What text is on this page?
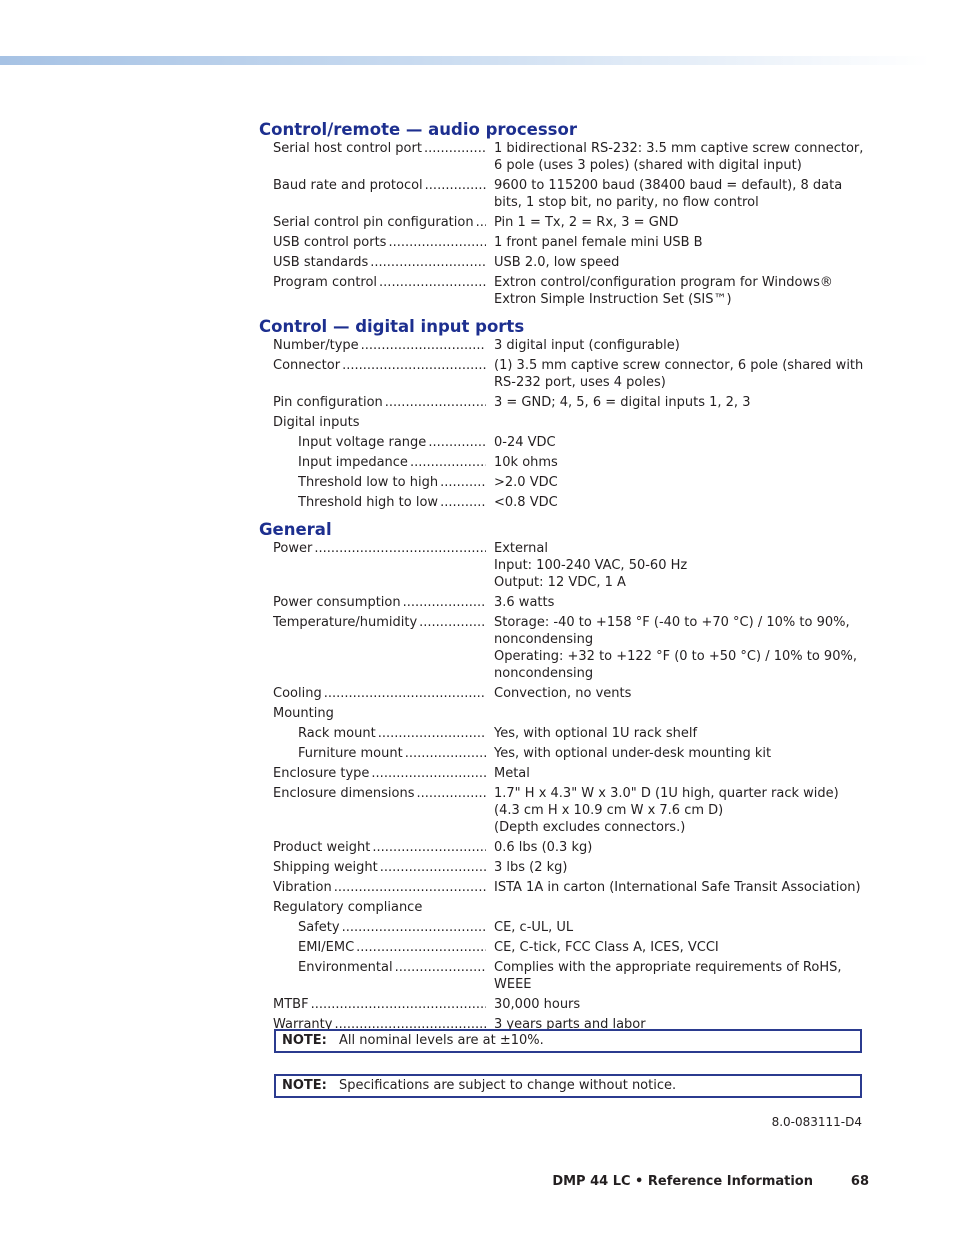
Control/remote — audio processor
Serial host control port .....	1 bidirectional RS-232: 3.5 mm captive screw connector, 6 pole (uses 3 poles) (shared with digital input)
Baud rate and protocol .....	9600 to 115200 baud (38400 baud = default), 8 data bits, 1 stop bit, no parity, no flow control
Serial control pin configuration ..... Pin 1 = Tx, 2 = Rx, 3 = GND
USB control ports .....	1 front panel female mini USB B
USB standards .....	USB 2.0, low speed
Program control .....	Extron control/configuration program for Windows®
Extron Simple Instruction Set (SIS™)
Control — digital input ports
Number/type .....	3 digital input (configurable)
Connector .....	(1) 3.5 mm captive screw connector, 6 pole (shared with RS-232 port, uses 4 poles)
Pin configuration .....	3 = GND; 4, 5, 6 = digital inputs 1, 2, 3
Digital inputs
Input voltage range .....	0-24 VDC
Input impedance .....	10k ohms
Threshold low to high .....	>2.0 VDC
Threshold high to low .....	<0.8 VDC
General
Power .....	External
Input: 100-240 VAC, 50-60 Hz
Output: 12 VDC, 1 A
Power consumption .....	3.6 watts
Temperature/humidity .....	Storage: -40 to +158 °F (-40 to +70 °C) / 10% to 90%, noncondensing
Operating: +32 to +122 °F (0 to +50 °C) / 10% to 90%, noncondensing
Cooling .....	Convection, no vents
Mounting
Rack mount .....	Yes, with optional 1U rack shelf
Furniture mount .....	Yes, with optional under-desk mounting kit
Enclosure type .....	Metal
Enclosure dimensions .....	1.7" H x 4.3" W x 3.0" D (1U high, quarter rack wide)
(4.3 cm H x 10.9 cm W x 7.6 cm D)
(Depth excludes connectors.)
Product weight .....	0.6 lbs (0.3 kg)
Shipping weight .....	3 lbs (2 kg)
Vibration .....	ISTA 1A in carton (International Safe Transit Association)
Regulatory compliance
Safety .....	CE, c-UL, UL
EMI/EMC .....	CE, C-tick, FCC Class A, ICES, VCCI
Environmental .....	Complies with the appropriate requirements of RoHS, WEEE
MTBF .....	30,000 hours
Warranty .....	3 years parts and labor
NOTE: All nominal levels are at ±10%.
NOTE: Specifications are subject to change without notice.
8.0-083111-D4
DMP 44 LC • Reference Information	68
